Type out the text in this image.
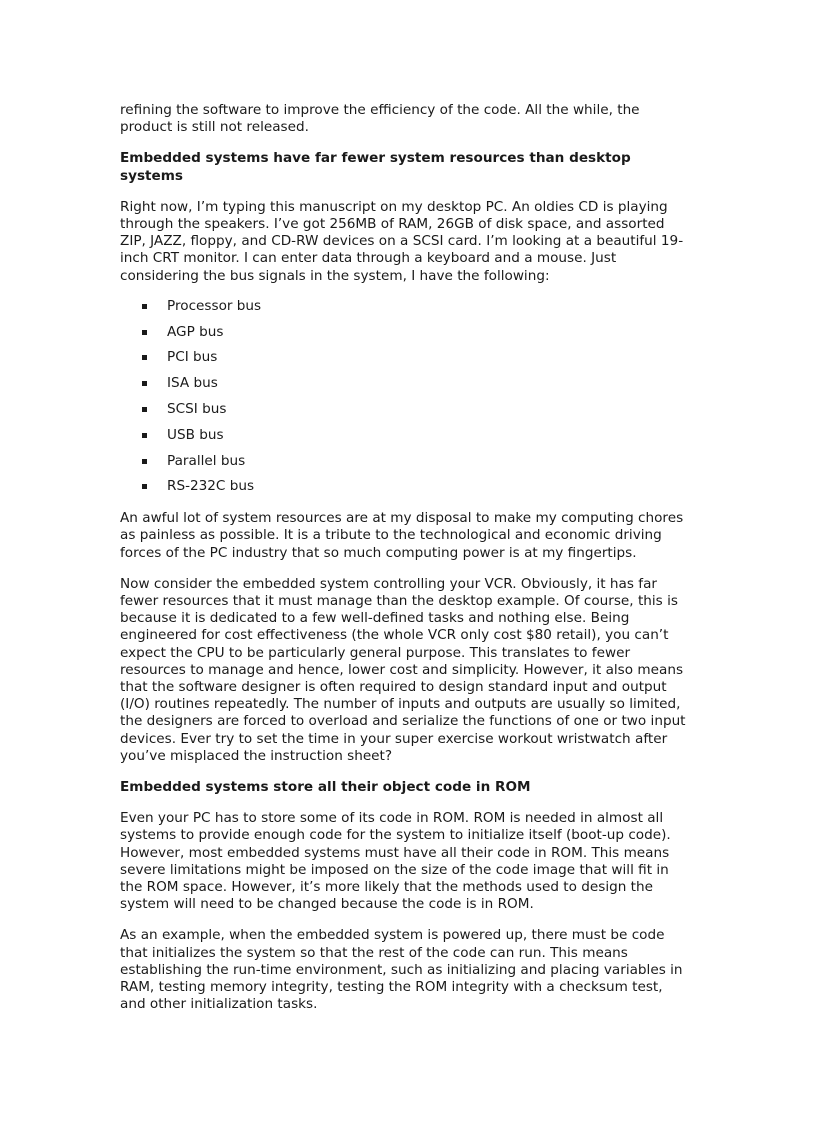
refining the software to improve the efficiency of the code. All the while, the product is still not released.

Embedded systems have far fewer system resources than desktop systems

Right now, I’m typing this manuscript on my desktop PC. An oldies CD is playing through the speakers. I’ve got 256MB of RAM, 26GB of disk space, and assorted ZIP, JAZZ, floppy, and CD-RW devices on a SCSI card. I’m looking at a beautiful 19-inch CRT monitor. I can enter data through a keyboard and a mouse. Just considering the bus signals in the system, I have the following:

Processor bus
AGP bus
PCI bus
ISA bus
SCSI bus
USB bus
Parallel bus
RS-232C bus

An awful lot of system resources are at my disposal to make my computing chores as painless as possible. It is a tribute to the technological and economic driving forces of the PC industry that so much computing power is at my fingertips.

Now consider the embedded system controlling your VCR. Obviously, it has far fewer resources that it must manage than the desktop example. Of course, this is because it is dedicated to a few well-defined tasks and nothing else. Being engineered for cost effectiveness (the whole VCR only cost $80 retail), you can’t expect the CPU to be particularly general purpose. This translates to fewer resources to manage and hence, lower cost and simplicity. However, it also means that the software designer is often required to design standard input and output (I/O) routines repeatedly. The number of inputs and outputs are usually so limited, the designers are forced to overload and serialize the functions of one or two input devices. Ever try to set the time in your super exercise workout wristwatch after you’ve misplaced the instruction sheet?

Embedded systems store all their object code in ROM

Even your PC has to store some of its code in ROM. ROM is needed in almost all systems to provide enough code for the system to initialize itself (boot-up code). However, most embedded systems must have all their code in ROM. This means severe limitations might be imposed on the size of the code image that will fit in the ROM space. However, it’s more likely that the methods used to design the system will need to be changed because the code is in ROM.

As an example, when the embedded system is powered up, there must be code that initializes the system so that the rest of the code can run. This means establishing the run-time environment, such as initializing and placing variables in RAM, testing memory integrity, testing the ROM integrity with a checksum test, and other initialization tasks.
